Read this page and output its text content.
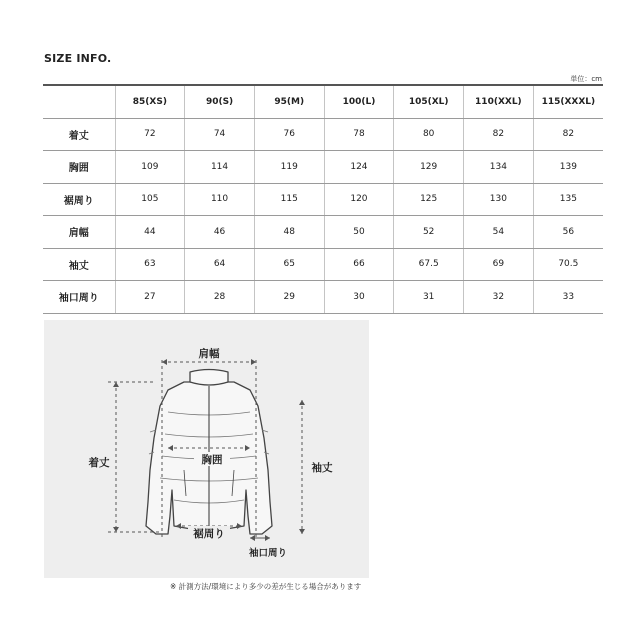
SIZE INFO.
単位：cm
	85(XS)	90(S)	95(M)	100(L)	105(XL)	110(XXL)	115(XXXL)
着丈	72	74	76	78	80	82	82
胸囲	109	114	119	124	129	134	139
裾周り	105	110	115	120	125	130	135
肩幅	44	46	48	50	52	54	56
袖丈	63	64	65	66	67.5	69	70.5
袖口周り	27	28	29	30	31	32	33
肩幅
着丈	胸囲
袖丈
裾周り
袖口周り
※ 計測方法/環境により多少の差が生じる場合があります
